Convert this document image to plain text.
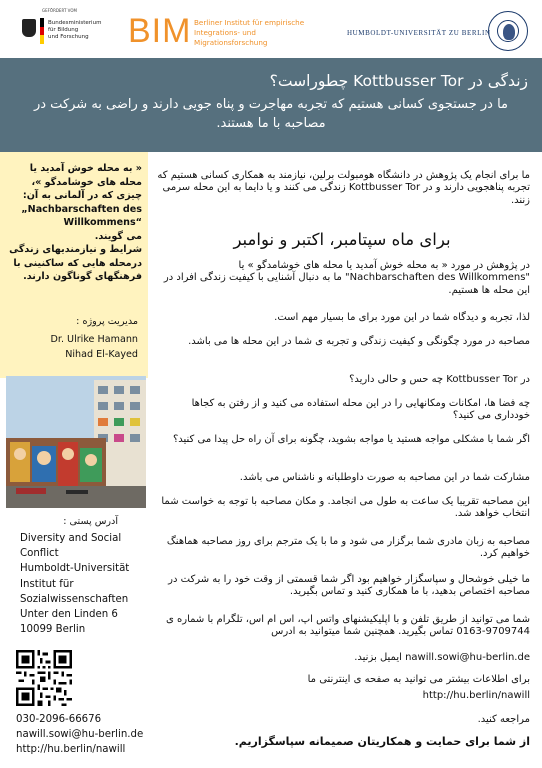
GEFÖRDERT VOM
Bundesministerium
für Bildung
und Forschung BIM Berliner Institut für empirische
Integrations- und Migrationsforschung
HUMBOLDT-UNIVERSITÄT ZU BERLIN
زندگی در Kottbusser Tor چطوراست؟
ما در جستجوی کسانی هستیم که تجربه مهاجرت و پناه جویی دارند و راضی به شرکت در مصاحبه با ما هستند.
« به محله خوش آمدید یا محله های خوشامدگو »، چیزی که در آلمانی به آن:
„Nachbarschaften des Willkommens“
می گویند.
شرایط و نیازمندیهای زندگی درمحله هایی که ساکنینی با فرهنگهای گوناگون دارند.
مدیریت پروژه :
Dr. Ulrike Hamann
Nihad El-Kayed
آدرس پستی :
Diversity and Social
Conflict
Humboldt-Universität
Institut für
Sozialwissenschaften
Unter den Linden 6
10099 Berlin
030-2096-66676
nawill.sowi@hu-berlin.de
http://hu.berlin/nawill

ما برای انجام یک پژوهش در دانشگاه هومبولت برلین، نیازمند به همکاری کسانی هستیم که تجربه پناهجویی دارند و در Kottbusser Tor زندگی می کنند و یا دایما به این محله سرمی زنند.

برای ماه سپتامبر، اکتبر و نوامبر

در پژوهش در مورد « به محله خوش آمدید یا محله های خوشامدگو » یا "Nachbarschaften des Willkommens" ما به دنبال آشنایی با کیفیت زندگی افراد در این محله ها هستیم.

لذا، تجربه و دیدگاه شما در این مورد برای ما بسیار مهم است.

مصاحبه در مورد چگونگی و کیفیت زندگی و تجربه ی شما در این محله ها می باشد.

در Kottbusser Tor چه حس و حالی دارید؟

چه فضا ها، امکانات ومکانهایی را در این محله استفاده می کنید و از رفتن به کجاها خودداری می کنید؟

اگر شما با مشکلی مواجه هستید یا مواجه بشوید، چگونه برای آن راه حل پیدا می کنید؟

مشارکت شما در این مصاحبه به صورت داوطلبانه و ناشناس می باشد.

این مصاحبه تقریبا یک ساعت به طول می انجامد. و مکان مصاحبه با توجه به خواست شما انتخاب خواهد شد.

مصاحبه به زبان مادری شما برگزار می شود و ما با یک مترجم برای روز مصاحبه هماهنگ خواهیم کرد.

ما خیلی خوشحال و سپاسگزار خواهیم بود اگر شما قسمتی از وقت خود را به شرکت در مصاحبه اختصاص بدهید، با ما همکاری کنید و تماس بگیرید.

شما می توانید از طریق تلفن و با اپلیکیشنهای واتس اپ، اس ام اس، تلگرام با شماره ی 0163-9709744 تماس بگیرید. همچنین شما میتوانید به ادرس

nawill.sowi@hu-berlin.de ایمیل بزنید.

برای اطلاعات بیشتر می توانید به صفحه ی اینترنتی ما

http://hu.berlin/nawill

مراجعه کنید.

از شما برای حمایت و همکاریتان صمیمانه سپاسگزاریم.
